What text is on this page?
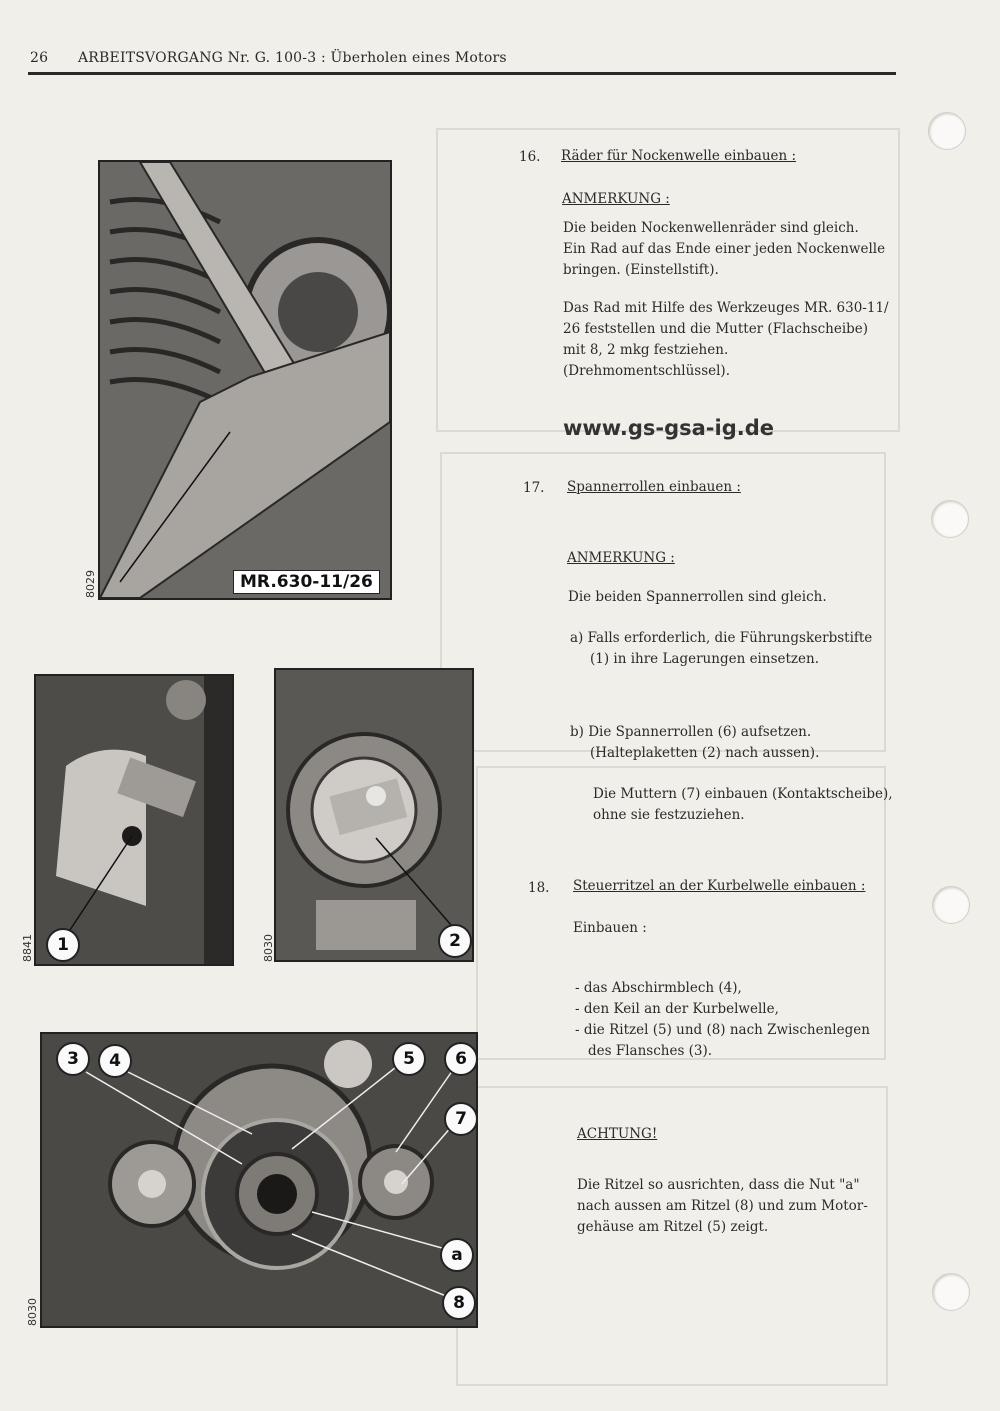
26 ARBEITSVORGANG Nr. G. 100-3 : Überholen eines Motors
MR.630-11/26
8029
1
8841	2
8030
3	4	5	6
7
a
8
8030
16. Räder für Nockenwelle einbauen :
ANMERKUNG :
Die beiden Nockenwellenräder sind gleich.
Ein Rad auf das Ende einer jeden Nockenwelle
bringen. (Einstellstift).
Das Rad mit Hilfe des Werkzeuges MR. 630-11/
26 feststellen und die Mutter (Flachscheibe)
mit 8, 2 mkg festziehen.
(Drehmomentschlüssel).
www.gs-gsa-ig.de
17. Spannerrollen einbauen :
ANMERKUNG :
Die beiden Spannerrollen sind gleich.
a) Falls erforderlich, die Führungskerbstifte
(1) in ihre Lagerungen einsetzen.
b) Die Spannerrollen (6) aufsetzen.
(Halteplaketten (2) nach aussen).
Die Muttern (7) einbauen (Kontaktscheibe),
ohne sie festzuziehen.
18. Steuerritzel an der Kurbelwelle einbauen :
Einbauen :
- das Abschirmblech (4),
- den Keil an der Kurbelwelle,
- die Ritzel (5) und (8) nach Zwischenlegen
des Flansches (3).
ACHTUNG!
Die Ritzel so ausrichten, dass die Nut "a"
nach aussen am Ritzel (8) und zum Motor-
gehäuse am Ritzel (5) zeigt.
